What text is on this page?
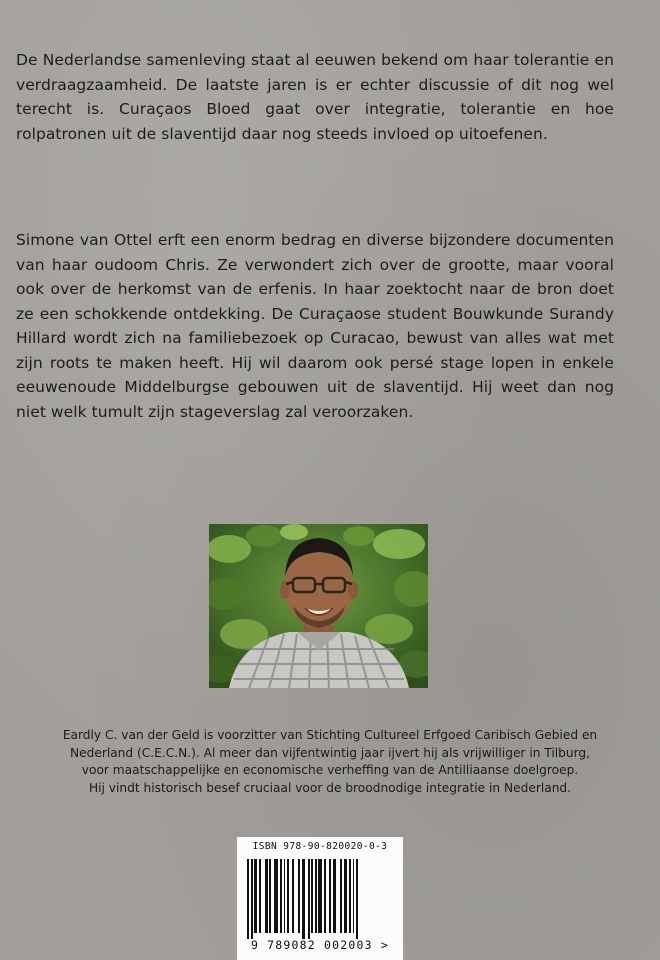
De Nederlandse samenleving staat al eeuwen bekend om haar tolerantie en verdraagzaamheid. De laatste jaren is er echter discussie of dit nog wel terecht is. Curaçaos Bloed gaat over integratie, tolerantie en hoe rolpatronen uit de slaventijd daar nog steeds invloed op uitoefenen.

Simone van Ottel erft een enorm bedrag en diverse bijzondere documenten van haar oudoom Chris. Ze verwondert zich over de grootte, maar vooral ook over de herkomst van de erfenis. In haar zoektocht naar de bron doet ze een schokkende ontdekking. De Curaçaose student Bouwkunde Surandy Hillard wordt zich na familiebezoek op Curacao, bewust van alles wat met zijn roots te maken heeft. Hij wil daarom ook persé stage lopen in enkele eeuwenoude Middelburgse gebouwen uit de slaventijd. Hij weet dan nog niet welk tumult zijn stageverslag zal veroorzaken.

Eardly C. van der Geld is voorzitter van Stichting Cultureel Erfgoed Caribisch Gebied en
Nederland (C.E.C.N.). Al meer dan vijfentwintig jaar ijvert hij als vrijwilliger in Tilburg,
voor maatschappelijke en economische verheffing van de Antilliaanse doelgroep.
Hij vindt historisch besef cruciaal voor de broodnodige integratie in Nederland.

ISBN 978-90-820020-0-3
9 789082 002003 >
